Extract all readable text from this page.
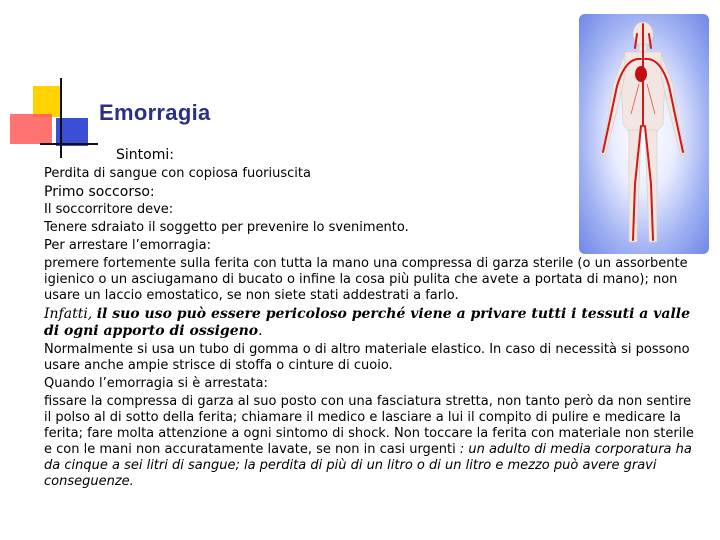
Emorragia
Sintomi:

Perdita di sangue con copiosa fuoriuscita

Primo soccorso:

Il soccorritore deve:

Tenere sdraiato il soggetto per prevenire lo svenimento.

Per arrestare l’emorragia:

premere fortemente sulla ferita con tutta la mano una compressa di garza sterile (o un assorbente igienico o un asciugamano di bucato o infine la cosa più pulita che avete a portata di mano); non usare un laccio emostatico, se non siete stati addestrati a farlo.

Infatti, il suo uso può essere pericoloso perché viene a privare tutti i tessuti a valle di ogni apporto di ossigeno.

Normalmente si usa un tubo di gomma o di altro materiale elastico. In caso di necessità si possono usare anche ampie strisce di stoffa o cinture di cuoio.

Quando l’emorragia si è arrestata:

fissare la compressa di garza al suo posto con una fasciatura stretta, non tanto però da non sentire il polso al di sotto della ferita; chiamare il medico e lasciare a lui il compito di pulire e medicare la ferita; fare molta attenzione a ogni sintomo di shock. Non toccare la ferita con materiale non sterile e con le mani non accuratamente lavate, se non in casi urgenti : un adulto di media corporatura ha da cinque a sei litri di sangue; la perdita di più di un litro o di un litro e mezzo può avere gravi conseguenze.
